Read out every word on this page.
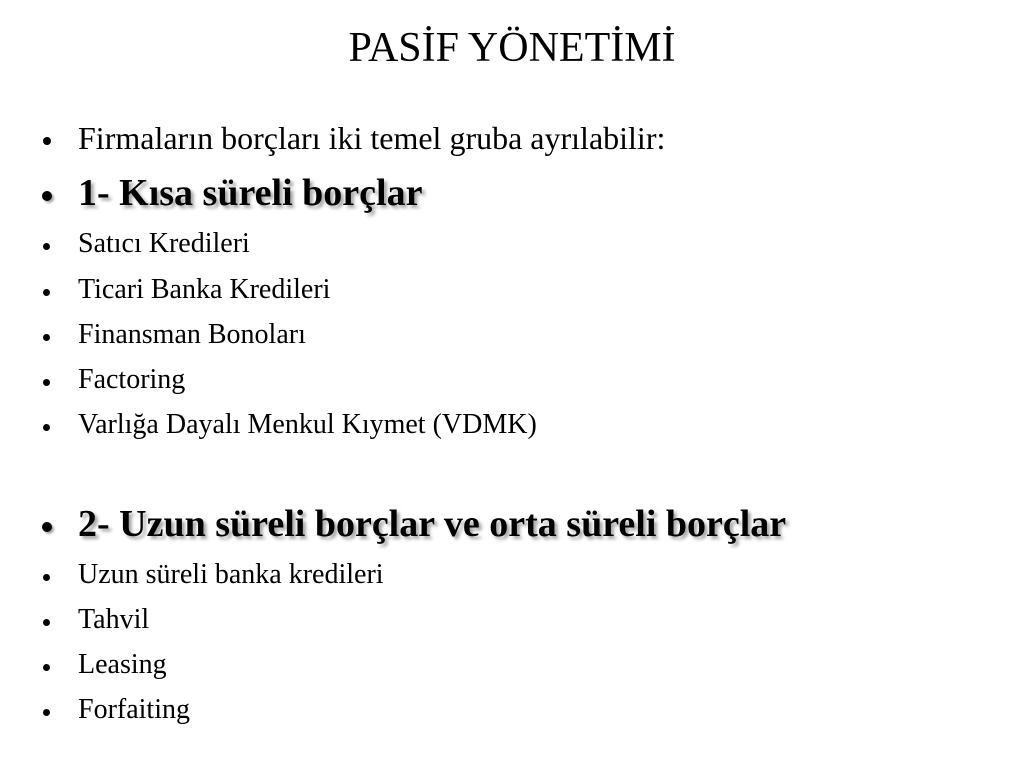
PASİF YÖNETİMİ
Firmaların borçları iki temel gruba ayrılabilir:
1- Kısa süreli borçlar
Satıcı Kredileri
Ticari Banka Kredileri
Finansman Bonoları
Factoring
Varlığa Dayalı Menkul Kıymet (VDMK)
2- Uzun süreli borçlar ve orta süreli borçlar
Uzun süreli banka kredileri
Tahvil
Leasing
Forfaiting
